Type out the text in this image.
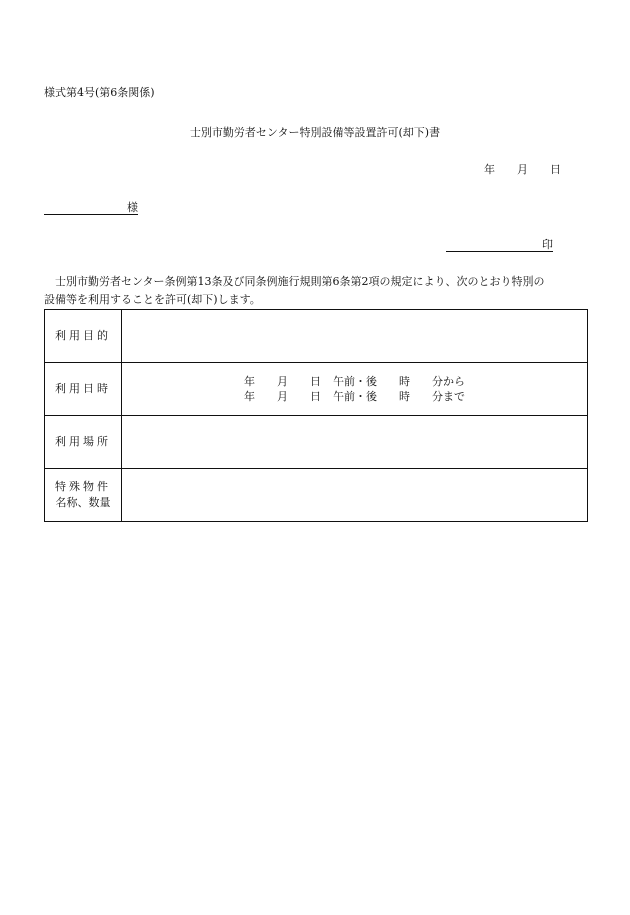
様式第4号(第6条関係)
士別市勤労者センター特別設備等設置許可(却下)書
年 月 日
様
印

士別市勤労者センター条例第13条及び同条例施行規則第6条第2項の規定により、次のとおり特別の

設備等を利用することを許可(却下)します。

利用目的	
利用日時	年 月 日 午前・後 時 分から
年 月 日 午前・後 時 分まで

利用場所	

特殊物件
名称、数量	
